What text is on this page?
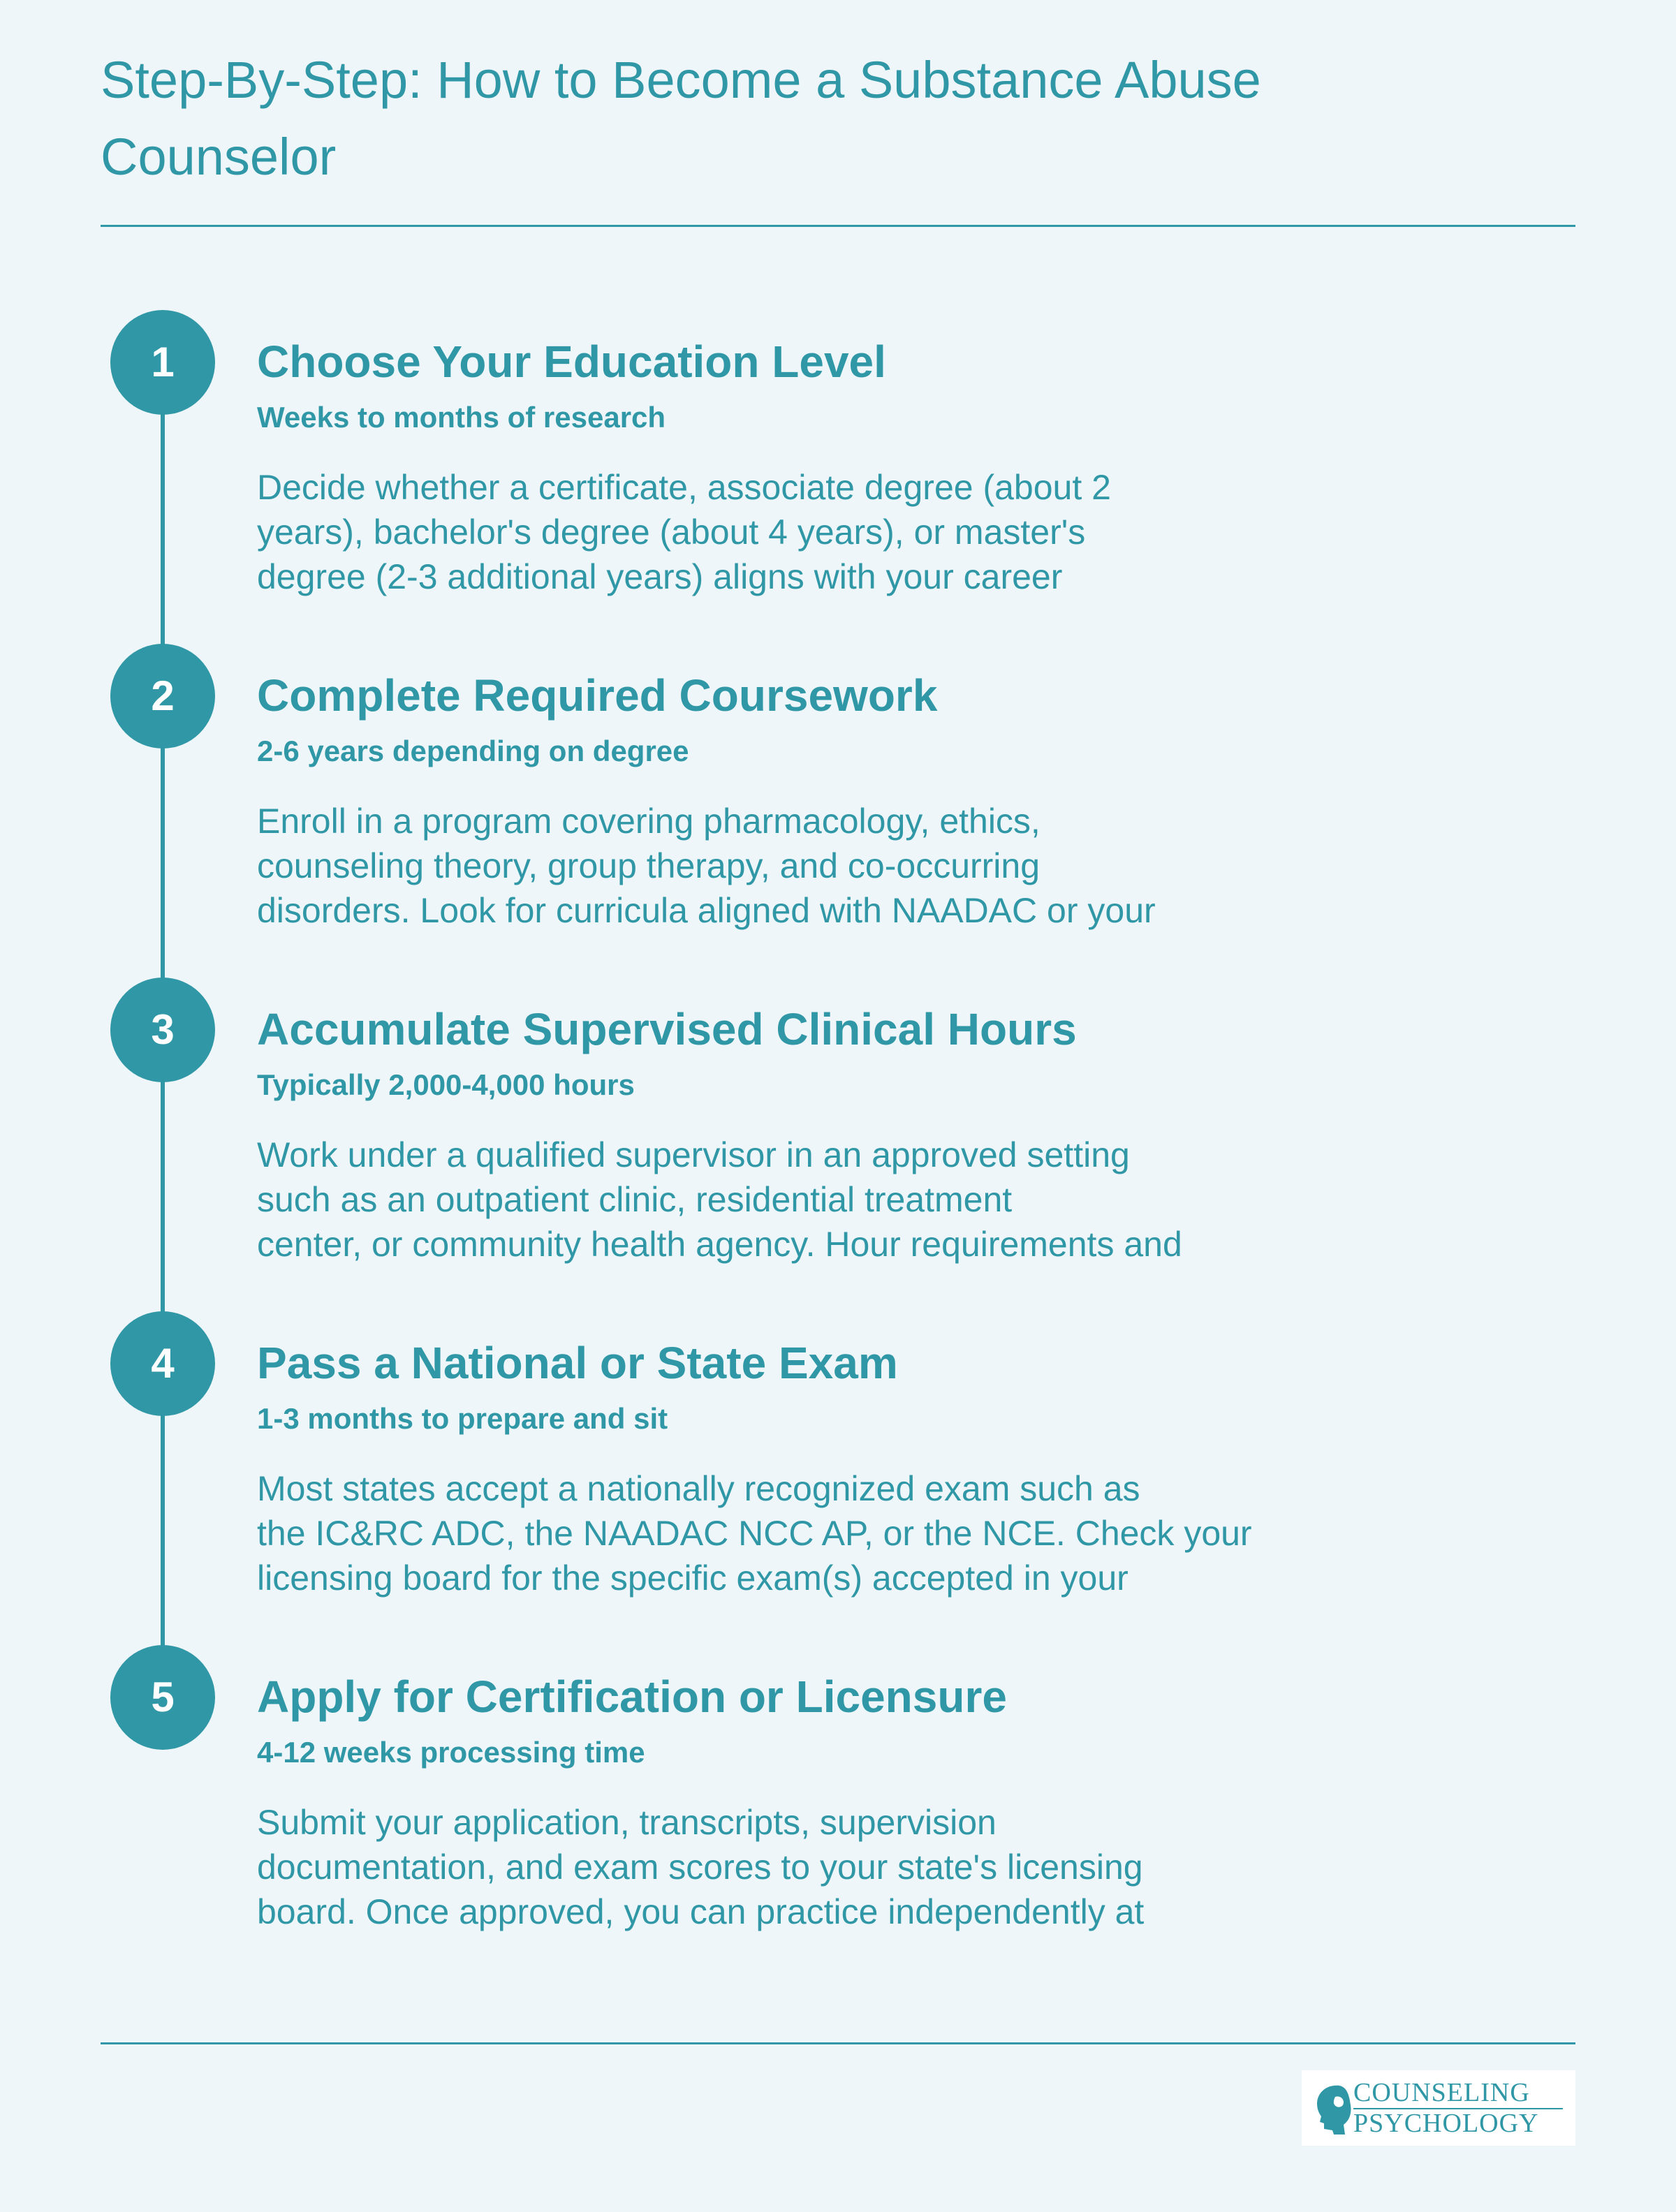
Step-By-Step: How to Become a Substance Abuse
Counselor
1	Choose Your Education Level
Weeks to months of research
Decide whether a certificate, associate degree (about 2
years), bachelor's degree (about 4 years), or master's
degree (2-3 additional years) aligns with your career
2	Complete Required Coursework
2-6 years depending on degree
Enroll in a program covering pharmacology, ethics,
counseling theory, group therapy, and co-occurring
disorders. Look for curricula aligned with NAADAC or your
3	Accumulate Supervised Clinical Hours
Typically 2,000-4,000 hours
Work under a qualified supervisor in an approved setting
such as an outpatient clinic, residential treatment
center, or community health agency. Hour requirements and
4	Pass a National or State Exam
1-3 months to prepare and sit
Most states accept a nationally recognized exam such as
the IC&RC ADC, the NAADAC NCC AP, or the NCE. Check your
licensing board for the specific exam(s) accepted in your
5	Apply for Certification or Licensure
4-12 weeks processing time
Submit your application, transcripts, supervision
documentation, and exam scores to your state's licensing
board. Once approved, you can practice independently at
COUNSELING
PSYCHOLOGY
